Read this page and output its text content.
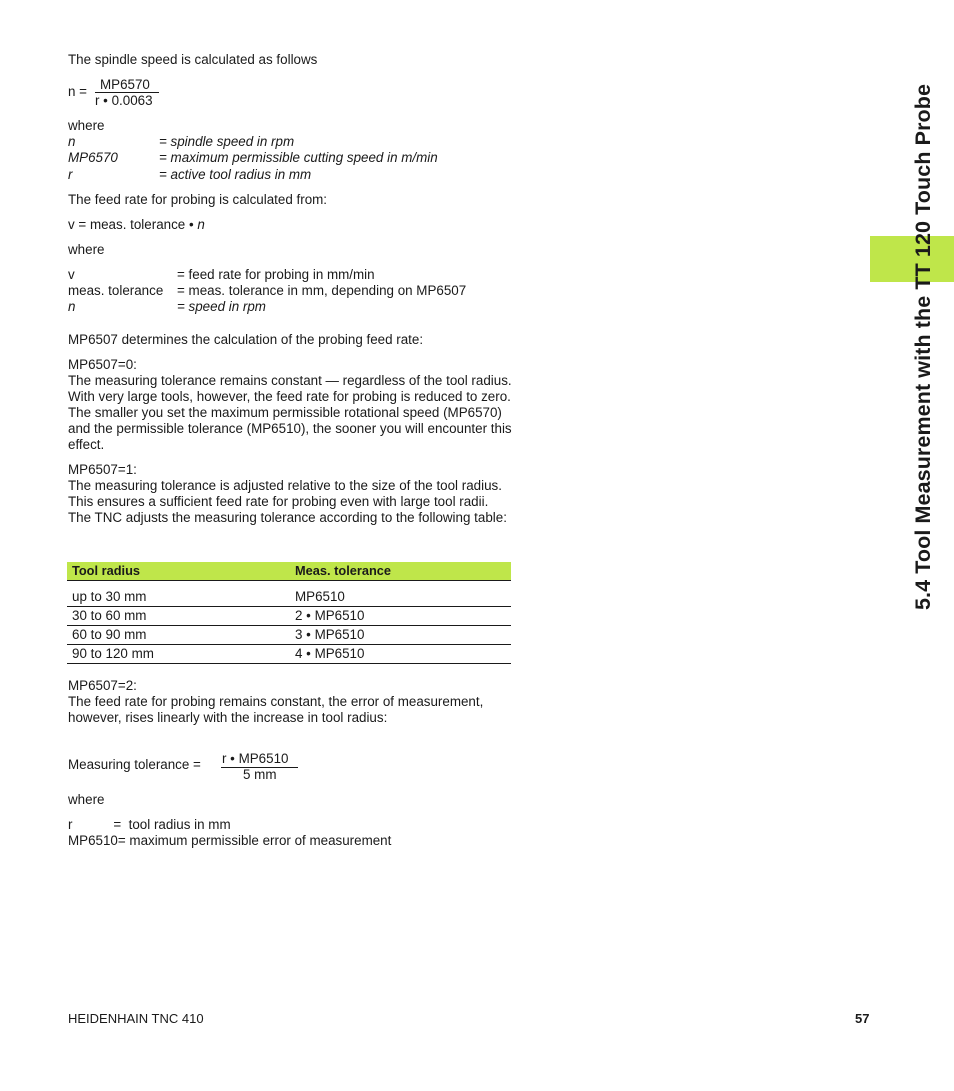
5.4 Tool Measurement with the TT 120 Touch Probe
The spindle speed is calculated as follows
n = MP6570
r • 0.0063
where
n	= spindle speed in rpm
MP6570	= maximum permissible cutting speed in m/min
r	= active tool radius in mm
The feed rate for probing is calculated from:
v = meas. tolerance • n
where
v	= feed rate for probing in mm/min
meas. tolerance = meas. tolerance in mm, depending on MP6507
n	= speed in rpm
MP6507 determines the calculation of the probing feed rate:
MP6507=0:
The measuring tolerance remains constant — regardless of the tool radius. With very large tools, however, the feed rate for probing is reduced to zero. The smaller you set the maximum permissible rotational speed (MP6570) and the permissible tolerance (MP6510), the sooner you will encounter this effect.
MP6507=1:
The measuring tolerance is adjusted relative to the size of the tool radius. This ensures a sufficient feed rate for probing even with large tool radii. The TNC adjusts the measuring tolerance according to the following table:
Tool radius	Meas. tolerance
up to 30 mm	MP6510
30 to 60 mm	2 • MP6510
60 to 90 mm	3 • MP6510
90 to 120 mm	4 • MP6510
MP6507=2:
The feed rate for probing remains constant, the error of measurement, however, rises linearly with the increase in tool radius:
Measuring tolerance = r • MP6510
5 mm
where
r           =  tool radius in mm
MP6510= maximum permissible error of measurement
HEIDENHAIN TNC 410	57
